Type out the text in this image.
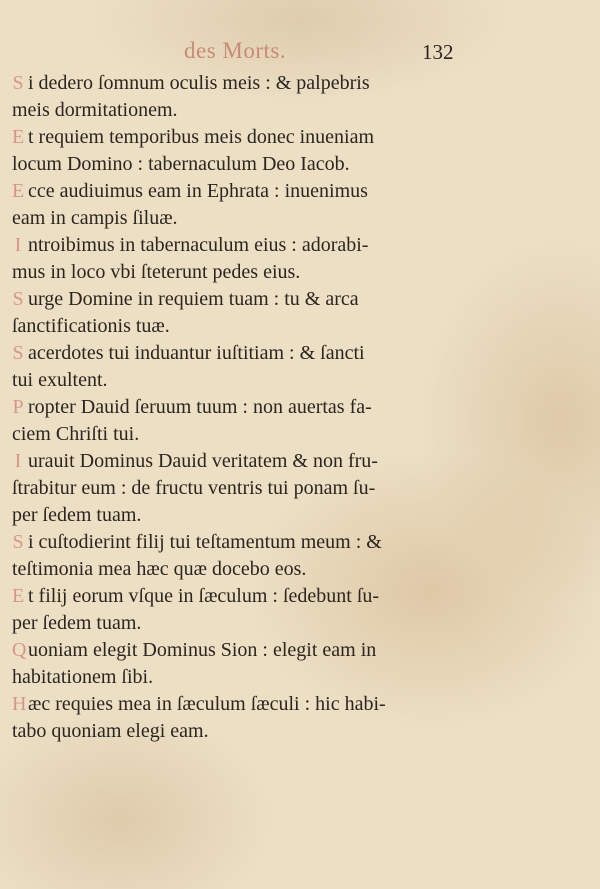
des Morts.	132
S i dedero ſomnum oculis meis : & palpebris
meis dormitationem.
E t requiem temporibus meis donec inueniam
locum Domino : tabernaculum Deo Iacob.
E cce audiuimus eam in Ephrata : inuenimus
eam in campis ſiluæ.
I ntroibimus in tabernaculum eius : adorabi-
mus in loco vbi ſteterunt pedes eius.
S urge Domine in requiem tuam : tu & arca
ſanctificationis tuæ.
S acerdotes tui induantur iuſtitiam : & ſancti
tui exultent.
P ropter Dauid ſeruum tuum : non auertas fa-
ciem Chriſti tui.
I urauit Dominus Dauid veritatem & non fru-
ſtrabitur eum : de fructu ventris tui ponam ſu-
per ſedem tuam.
S i cuſtodierint filij tui teſtamentum meum : &
teſtimonia mea hæc quæ docebo eos.
E t filij eorum vſque in ſæculum : ſedebunt ſu-
per ſedem tuam.
Quoniam elegit Dominus Sion : elegit eam in
habitationem ſibi.
Hæc requies mea in ſæculum ſæculi : hic habi-
tabo quoniam elegi eam.
